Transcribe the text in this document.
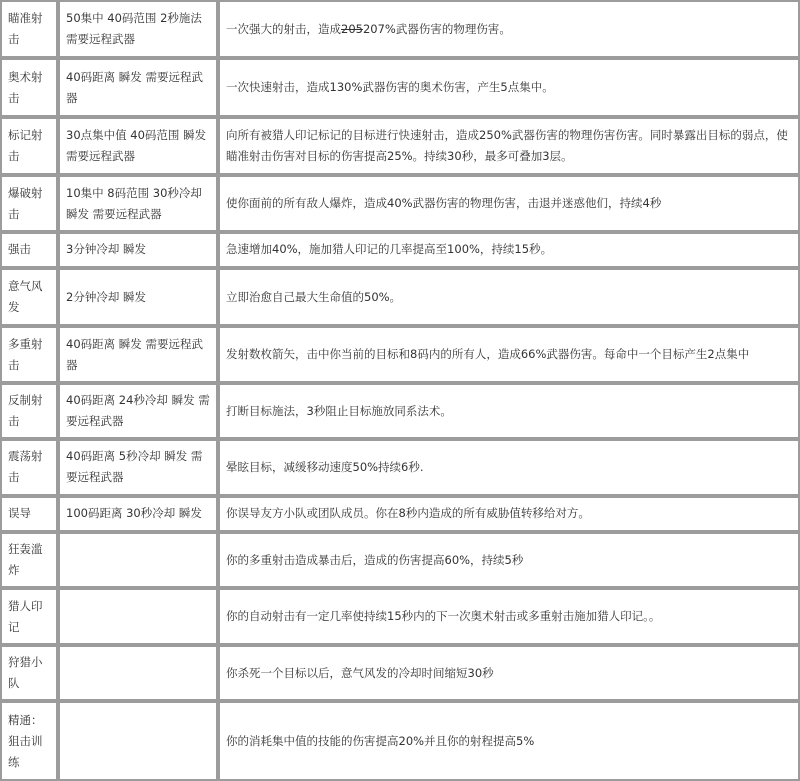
瞄准射击	50集中 40码范围 2秒施法 需要远程武器	一次强大的射击，造成205207%武器伤害的物理伤害。
奥术射击	40码距离 瞬发 需要远程武器	一次快速射击，造成130%武器伤害的奥术伤害，产生5点集中。
标记射击	30点集中值 40码范围 瞬发 需要远程武器	向所有被猎人印记标记的目标进行快速射击，造成250%武器伤害的物理伤害伤害。同时暴露出目标的弱点，使瞄准射击伤害对目标的伤害提高25%。持续30秒，最多可叠加3层。
爆破射击	10集中 8码范围 30秒冷却 瞬发 需要远程武器	使你面前的所有敌人爆炸，造成40%武器伤害的物理伤害，击退并迷惑他们，持续4秒
强击	3分钟冷却 瞬发	急速增加40%，施加猎人印记的几率提高至100%，持续15秒。
意气风发	2分钟冷却 瞬发	立即治愈自己最大生命值的50%。
多重射击	40码距离 瞬发 需要远程武器	发射数枚箭矢，击中你当前的目标和8码内的所有人，造成66%武器伤害。每命中一个目标产生2点集中
反制射击	40码距离 24秒冷却 瞬发 需要远程武器	打断目标施法，3秒阻止目标施放同系法术。
震荡射击	40码距离 5秒冷却 瞬发 需要远程武器	晕眩目标，减缓移动速度50%持续6秒.
误导	100码距离 30秒冷却 瞬发	你误导友方小队或团队成员。你在8秒内造成的所有威胁值转移给对方。
狂轰滥炸		你的多重射击造成暴击后，造成的伤害提高60%，持续5秒
猎人印记		你的自动射击有一定几率使持续15秒内的下一次奥术射击或多重射击施加猎人印记。。
狩猎小队		你杀死一个目标以后，意气风发的冷却时间缩短30秒
精通：狙击训练		你的消耗集中值的技能的伤害提高20%并且你的射程提高5%
